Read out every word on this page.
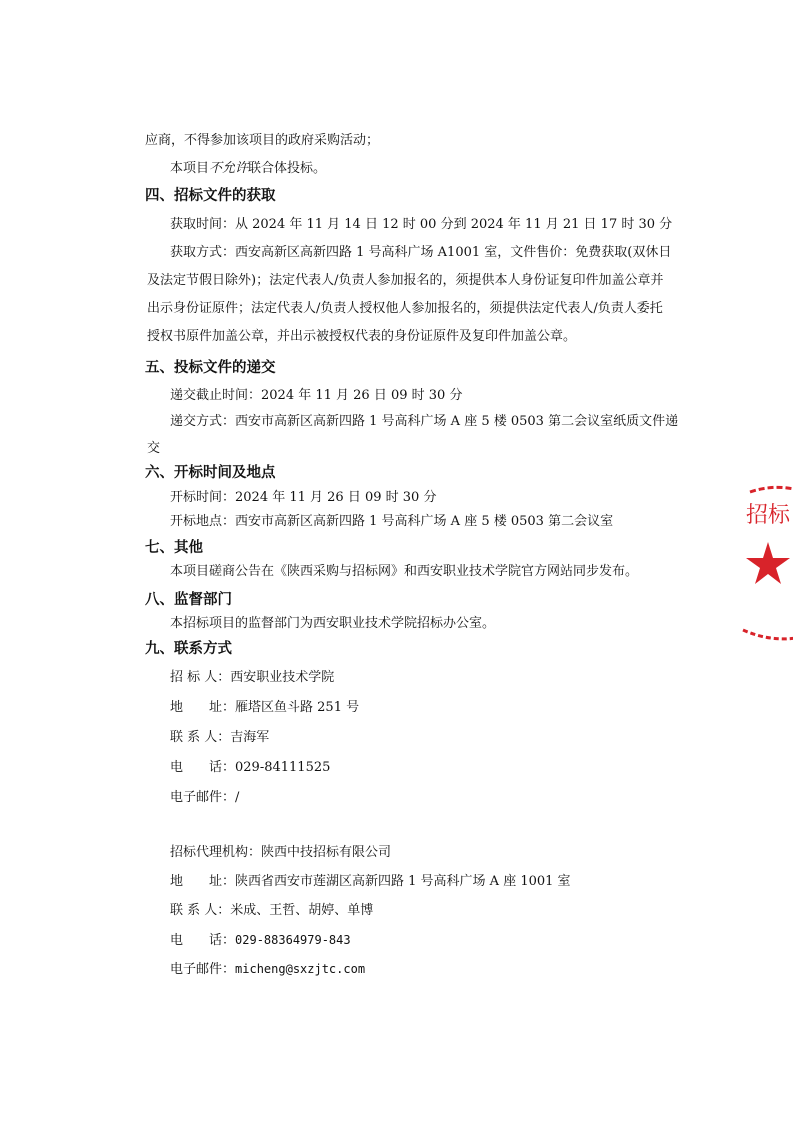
应商，不得参加该项目的政府采购活动；
本项目不允许联合体投标。
四、招标文件的获取
获取时间：从 2024 年 11 月 14 日 12 时 00 分到 2024 年 11 月 21 日 17 时 30 分
获取方式：西安高新区高新四路 1 号高科广场 A1001 室，文件售价：免费获取(双休日
及法定节假日除外)；法定代表人/负责人参加报名的，须提供本人身份证复印件加盖公章并
出示身份证原件；法定代表人/负责人授权他人参加报名的，须提供法定代表人/负责人委托
授权书原件加盖公章，并出示被授权代表的身份证原件及复印件加盖公章。
五、投标文件的递交
递交截止时间：2024 年 11 月 26 日 09 时 30 分
递交方式：西安市高新区高新四路 1 号高科广场 A 座 5 楼 0503 第二会议室纸质文件递
交
六、开标时间及地点
开标时间：2024 年 11 月 26 日 09 时 30 分
开标地点：西安市高新区高新四路 1 号高科广场 A 座 5 楼 0503 第二会议室
七、其他
本项目磋商公告在《陕西采购与招标网》和西安职业技术学院官方网站同步发布。
八、监督部门
本招标项目的监督部门为西安职业技术学院招标办公室。
九、联系方式
招 标 人：西安职业技术学院
地　　址：雁塔区鱼斗路 251 号
联 系 人：吉海军
电　　话：029-84111525
电子邮件：/
招标代理机构：陕西中技招标有限公司
地　　址：陕西省西安市莲湖区高新四路 1 号高科广场 A 座 1001 室
联 系 人：米成、王哲、胡婷、单博
电　　话：029-88364979-843
电子邮件：micheng@sxzjtc.com
招标
